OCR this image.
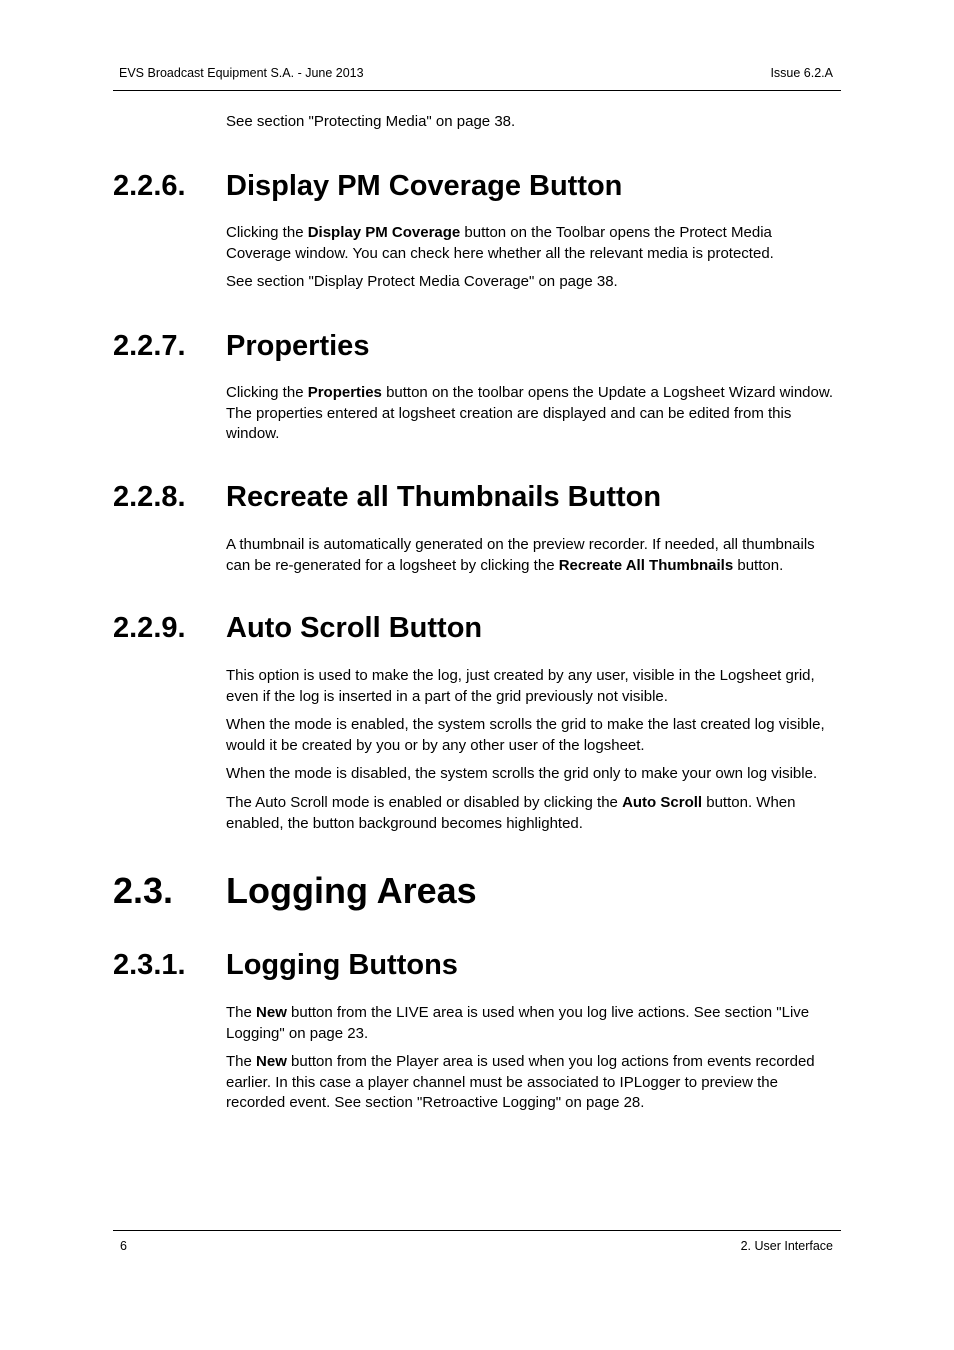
EVS Broadcast Equipment S.A. - June 2013	Issue 6.2.A

See section "Protecting Media" on page 38.

2.2.6. Display PM Coverage Button

Clicking the Display PM Coverage button on the Toolbar opens the Protect Media Coverage window. You can check here whether all the relevant media is protected.

See section "Display Protect Media Coverage" on page 38.

2.2.7. Properties

Clicking the Properties button on the toolbar opens the Update a Logsheet Wizard window. The properties entered at logsheet creation are displayed and can be edited from this window.

2.2.8. Recreate all Thumbnails Button

A thumbnail is automatically generated on the preview recorder. If needed, all thumbnails can be re-generated for a logsheet by clicking the Recreate All Thumbnails button.

2.2.9. Auto Scroll Button

This option is used to make the log, just created by any user, visible in the Logsheet grid, even if the log is inserted in a part of the grid previously not visible.

When the mode is enabled, the system scrolls the grid to make the last created log visible, would it be created by you or by any other user of the logsheet.

When the mode is disabled, the system scrolls the grid only to make your own log visible.

The Auto Scroll mode is enabled or disabled by clicking the Auto Scroll button. When enabled, the button background becomes highlighted.

2.3. Logging Areas
2.3.1. Logging Buttons

The New button from the LIVE area is used when you log live actions. See section "Live Logging" on page 23.

The New button from the Player area is used when you log actions from events recorded earlier. In this case a player channel must be associated to IPLogger to preview the recorded event. See section "Retroactive Logging" on page 28.

6	2. User Interface
